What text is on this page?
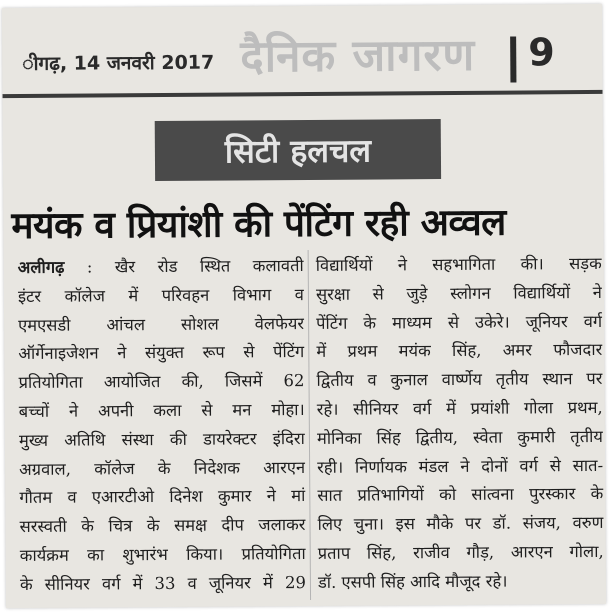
ीगढ़, 14 जनवरी 2017 दैनिक जागरण 9
सिटी हलचल
मयंक व प्रियांशी की पेंटिंग रही अव्वल
अलीगढ़ : खैर रोड स्थित कलावती
इंटर कॉलेज में परिवहन विभाग व
एमएसडी आंचल सोशल वेलफेयर
ऑर्गेनाइजेशन ने संयुक्त रूप से पेंटिंग
प्रतियोगिता आयोजित की, जिसमें 62
बच्चों ने अपनी कला से मन मोहा।
मुख्य अतिथि संस्था की डायरेक्टर इंदिरा
अग्रवाल, कॉलेज के निदेशक आरएन
गौतम व एआरटीओ दिनेश कुमार ने मां
सरस्वती के चित्र के समक्ष दीप जलाकर
कार्यक्रम का शुभारंभ किया। प्रतियोगिता
के सीनियर वर्ग में 33 व जूनियर में 29
विद्यार्थियों ने सहभागिता की। सड़क
सुरक्षा से जुड़े स्लोगन विद्यार्थियों ने
पेंटिंग के माध्यम से उकेरे। जूनियर वर्ग
में प्रथम मयंक सिंह, अमर फौजदार
द्वितीय व कुनाल वार्ष्णेय तृतीय स्थान पर
रहे। सीनियर वर्ग में प्रयांशी गोला प्रथम,
मोनिका सिंह द्वितीय, स्वेता कुमारी तृतीय
रही। निर्णायक मंडल ने दोनों वर्ग से सात-
सात प्रतिभागियों को सांत्वना पुरस्कार के
लिए चुना। इस मौके पर डॉ. संजय, वरुण
प्रताप सिंह, राजीव गौड़, आरएन गोला,
डॉ. एसपी सिंह आदि मौजूद रहे।
